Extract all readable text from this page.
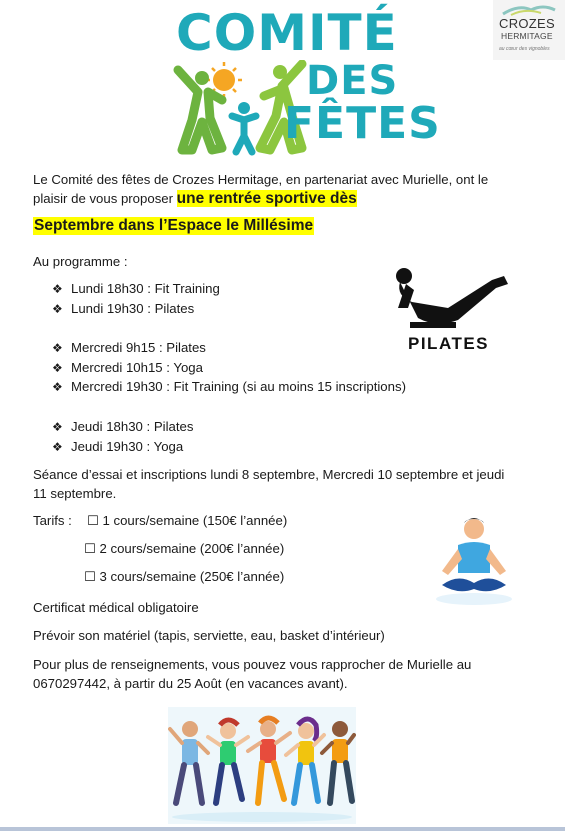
COMITÉ
DES
FÊTES
CROZES
HERMITAGE
au cœur des vignobles
Le Comité des fêtes de Crozes Hermitage, en partenariat avec Murielle, ont le plaisir de vous proposer une rentrée sportive dès
Septembre dans l’Espace le Millésime
Au programme :
❖ Lundi 18h30 : Fit Training
❖ Lundi 19h30 : Pilates
❖ Mercredi 9h15 : Pilates
❖ Mercredi 10h15 : Yoga
❖ Mercredi 19h30 : Fit Training (si au moins 15 inscriptions)
❖ Jeudi 18h30 : Pilates
❖ Jeudi 19h30 : Yoga
PILATES
Séance d’essai et inscriptions lundi 8 septembre, Mercredi 10 septembre et jeudi 11 septembre.
Tarifs : ☐ 1 cours/semaine (150€ l’année)
☐ 2 cours/semaine (200€ l’année)
☐ 3 cours/semaine (250€ l’année)
Certificat médical obligatoire
Prévoir son matériel (tapis, serviette, eau, basket d’intérieur)
Pour plus de renseignements, vous pouvez vous rapprocher de Murielle au 0670297442, à partir du 25 Août (en vacances avant).
